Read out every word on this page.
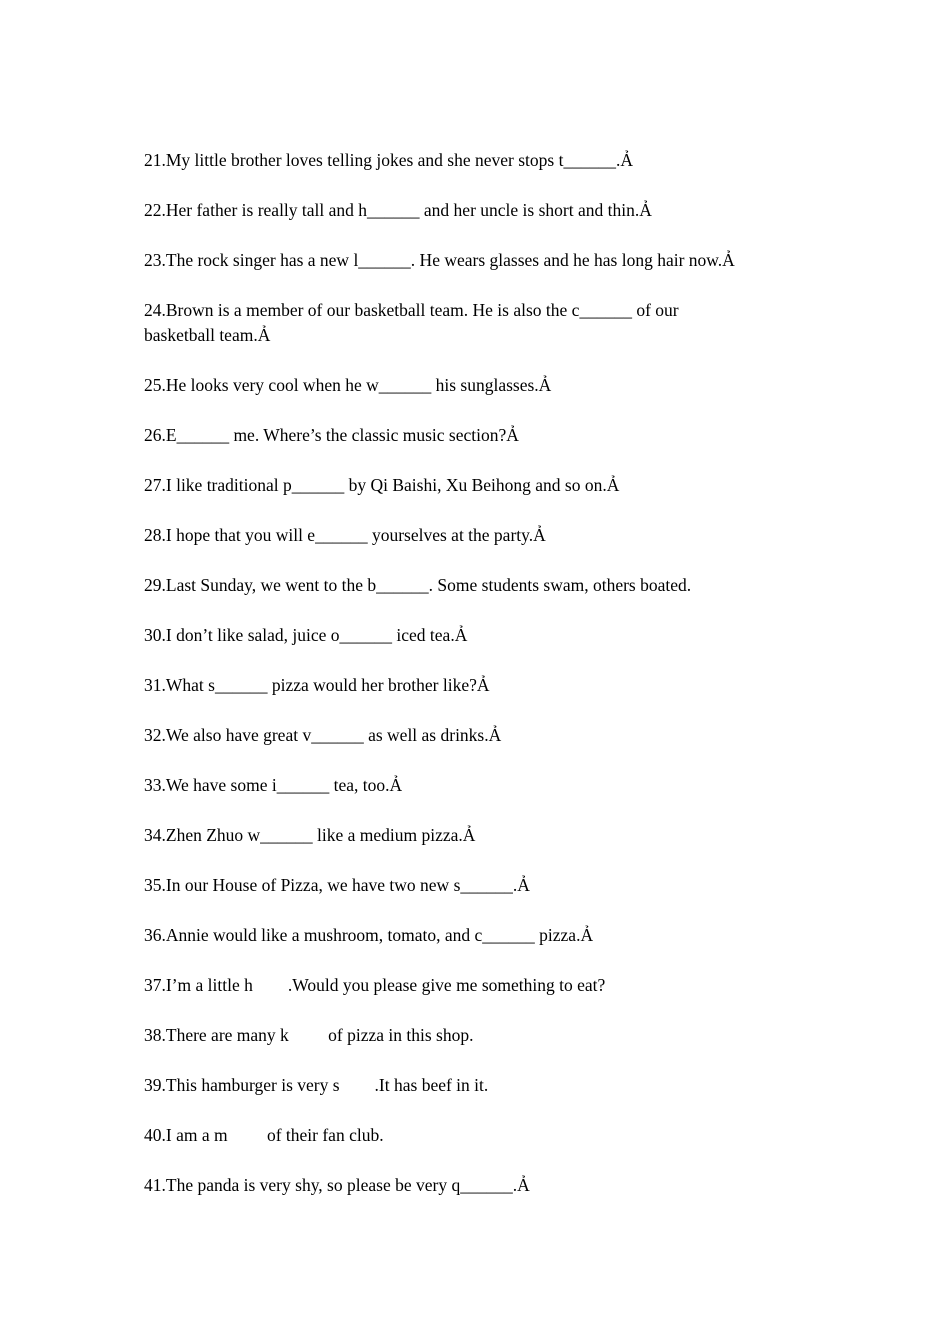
21.My little brother loves telling jokes and she never stops t______.Ả

22.Her father is really tall and h______ and her uncle is short and thin.Ả

23.The rock singer has a new l______. He wears glasses and he has long hair now.Ả

24.Brown is a member of our basketball team. He is also the c______ of our basketball team.Ả

25.He looks very cool when he w______ his sunglasses.Ả

26.E______ me. Where’s the classic music section?Ả

27.I like traditional p______ by Qi Baishi, Xu Beihong and so on.Ả

28.I hope that you will e______ yourselves at the party.Ả

29.Last Sunday, we went to the b______. Some students swam, others boated.

30.I don’t like salad, juice o______ iced tea.Ả

31.What s______ pizza would her brother like?Ả

32.We also have great v______ as well as drinks.Ả

33.We have some i______ tea, too.Ả

34.Zhen Zhuo w______ like a medium pizza.Ả

35.In our House of Pizza, we have two new s______.Ả

36.Annie would like a mushroom, tomato, and c______ pizza.Ả

37.I’m a little h        .Would you please give me something to eat?

38.There are many k         of pizza in this shop.

39.This hamburger is very s        .It has beef in it.

40.I am a m         of their fan club.

41.The panda is very shy, so please be very q______.Ả
